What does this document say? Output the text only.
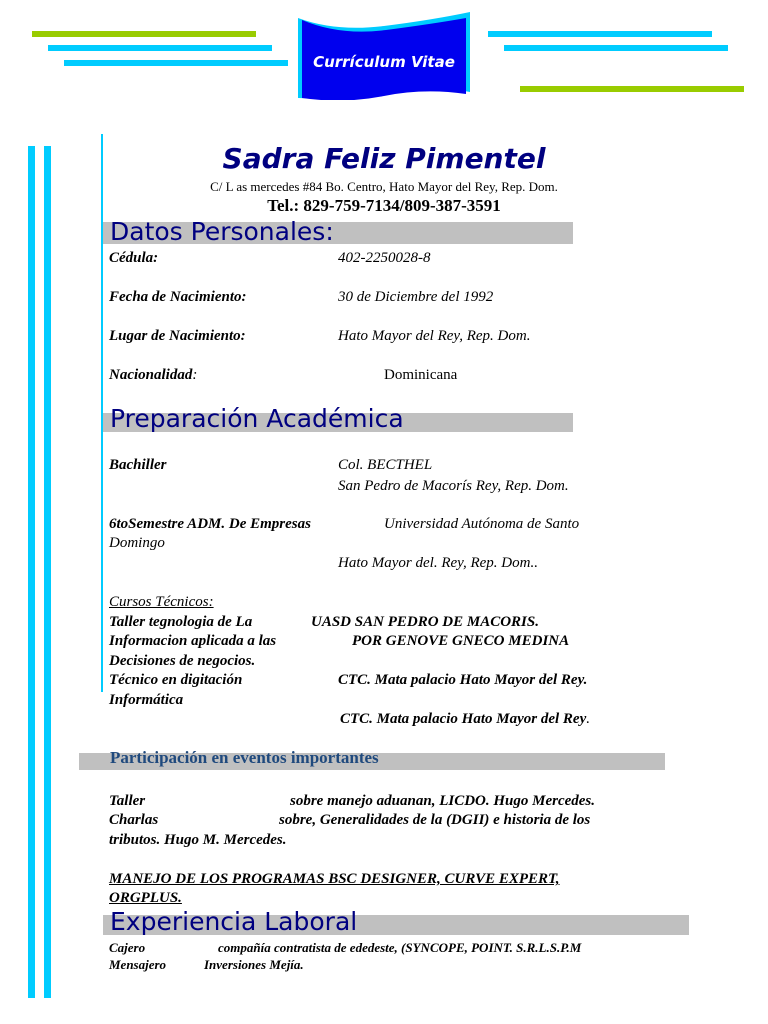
Currículum Vitae
Sadra Feliz Pimentel
C/ L as mercedes #84 Bo. Centro, Hato Mayor del Rey, Rep. Dom.
Tel.: 829-759-7134/809-387-3591
Datos Personales:
Cédula:	402-2250028-8
Fecha de Nacimiento:	30 de Diciembre del 1992
Lugar de Nacimiento:	Hato Mayor del Rey, Rep. Dom.
Nacionalidad:	Dominicana
Preparación Académica
Bachiller	Col. BECTHEL
San Pedro de Macorís Rey, Rep. Dom.
6toSemestre ADM. De Empresas	Universidad Autónoma de Santo
Domingo
Hato Mayor del. Rey, Rep. Dom..
Cursos Técnicos:
Taller tegnologia de La	UASD SAN PEDRO DE MACORIS.
Informacion aplicada a las	POR GENOVE GNECO MEDINA
Decisiones de negocios.
Técnico en digitación	CTC. Mata palacio Hato Mayor del Rey.
Informática
CTC. Mata palacio Hato Mayor del Rey.
Participación en eventos importantes
Taller	sobre manejo aduanan, LICDO. Hugo Mercedes.
Charlas	sobre, Generalidades de la (DGII) e historia de los
tributos. Hugo M. Mercedes.
MANEJO DE LOS PROGRAMAS BSC DESIGNER, CURVE EXPERT,
ORGPLUS.
Experiencia Laboral
Cajero	compañía contratista de ededeste, (SYNCOPE, POINT. S.R.L.S.P.M
Mensajero	Inversiones Mejía.
